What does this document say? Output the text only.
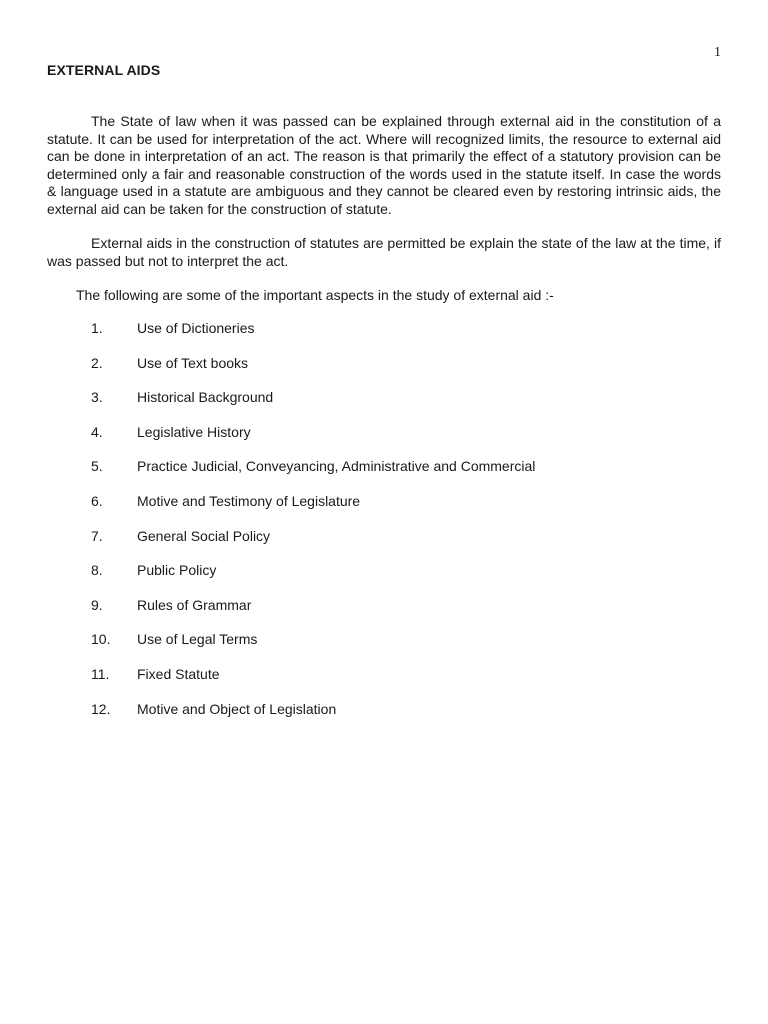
1
EXTERNAL AIDS

The State of law when it was passed can be explained through external aid in the constitution of a statute. It can be used for interpretation of the act. Where will recognized limits, the resource to external aid can be done in interpretation of an act. The reason is that primarily the effect of a statutory provision can be determined only a fair and reasonable construction of the words used in the statute itself. In case the words & language used in a statute are ambiguous and they cannot be cleared even by restoring intrinsic aids, the external aid can be taken for the construction of statute.

External aids in the construction of statutes are permitted be explain the state of the law at the time, if was passed but not to interpret the act.

The following are some of the important aspects in the study of external aid :-
1. Use of Dictioneries
2. Use of Text books
3. Historical Background
4. Legislative History
5. Practice Judicial, Conveyancing, Administrative and Commercial
6. Motive and Testimony of Legislature
7. General Social Policy
8. Public Policy
9. Rules of Grammar
10. Use of Legal Terms
11. Fixed Statute
12. Motive and Object of Legislation
